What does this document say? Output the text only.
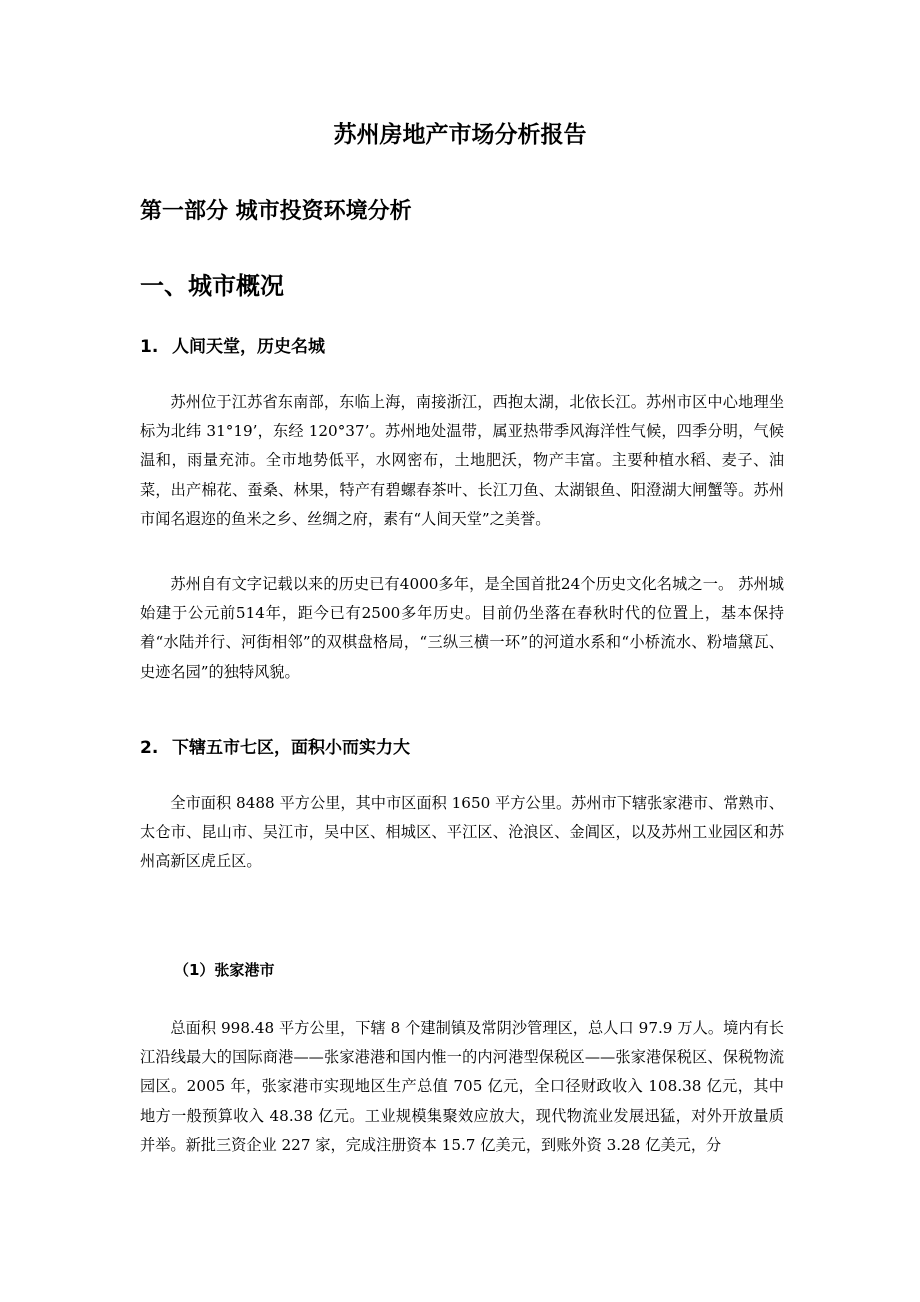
苏州房地产市场分析报告
第一部分 城市投资环境分析
一、城市概况
1. 人间天堂，历史名城

苏州位于江苏省东南部，东临上海，南接浙江，西抱太湖，北依长江。苏州市区中心地理坐标为北纬 31°19’，东经 120°37’。苏州地处温带，属亚热带季风海洋性气候，四季分明，气候温和，雨量充沛。全市地势低平，水网密布，土地肥沃，物产丰富。主要种植水稻、麦子、油菜，出产棉花、蚕桑、林果，特产有碧螺春茶叶、长江刀鱼、太湖银鱼、阳澄湖大闸蟹等。苏州市闻名遐迩的鱼米之乡、丝绸之府，素有“人间天堂”之美誉。

苏州自有文字记载以来的历史已有4000多年，是全国首批24个历史文化名城之一。 苏州城始建于公元前514年，距今已有2500多年历史。目前仍坐落在春秋时代的位置上，基本保持着“水陆并行、河街相邻”的双棋盘格局，“三纵三横一环”的河道水系和“小桥流水、粉墙黛瓦、史迹名园”的独特风貌。

2. 下辖五市七区，面积小而实力大

全市面积 8488 平方公里，其中市区面积 1650 平方公里。苏州市下辖张家港市、常熟市、太仓市、昆山市、吴江市，吴中区、相城区、平江区、沧浪区、金阊区，以及苏州工业园区和苏州高新区虎丘区。

（1）张家港市

总面积 998.48 平方公里，下辖 8 个建制镇及常阴沙管理区，总人口 97.9 万人。境内有长江沿线最大的国际商港——张家港港和国内惟一的内河港型保税区——张家港保税区、保税物流园区。2005 年，张家港市实现地区生产总值 705 亿元，全口径财政收入 108.38 亿元，其中地方一般预算收入 48.38 亿元。工业规模集聚效应放大，现代物流业发展迅猛，对外开放量质并举。新批三资企业 227 家，完成注册资本 15.7 亿美元，到账外资 3.28 亿美元，分
